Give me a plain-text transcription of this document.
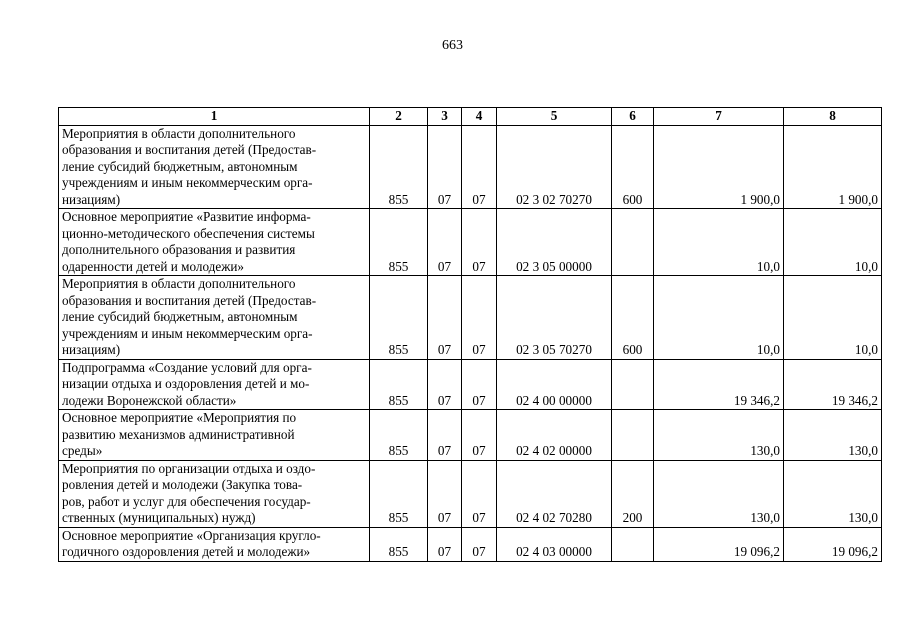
663
1	2	3	4	5	6	7	8

Мероприятия в области дополнительного
образования и воспитания детей (Предостав-
ление субсидий бюджетным, автономным
учреждениям и иным некоммерческим орга-
низациям)	855	07	07	02 3 02 70270	600	1 900,0	1 900,0

Основное мероприятие «Развитие информа-
ционно-методического обеспечения системы
дополнительного образования и развития
одаренности детей и молодежи»	855	07	07	02 3 05 00000		10,0	10,0

Мероприятия в области дополнительного
образования и воспитания детей (Предостав-
ление субсидий бюджетным, автономным
учреждениям и иным некоммерческим орга-
низациям)	855	07	07	02 3 05 70270	600	10,0	10,0

Подпрограмма «Создание условий для орга-
низации отдыха и оздоровления детей и мо-
лодежи Воронежской области»	855	07	07	02 4 00 00000		19 346,2	19 346,2

Основное мероприятие «Мероприятия по
развитию механизмов административной
среды»	855	07	07	02 4 02 00000		130,0	130,0

Мероприятия по организации отдыха и оздо-
ровления детей и молодежи (Закупка това-
ров, работ и услуг для обеспечения государ-
ственных (муниципальных) нужд)	855	07	07	02 4 02 70280	200	130,0	130,0

Основное мероприятие «Организация кругло-
годичного оздоровления детей и молодежи»	855	07	07	02 4 03 00000		19 096,2	19 096,2
